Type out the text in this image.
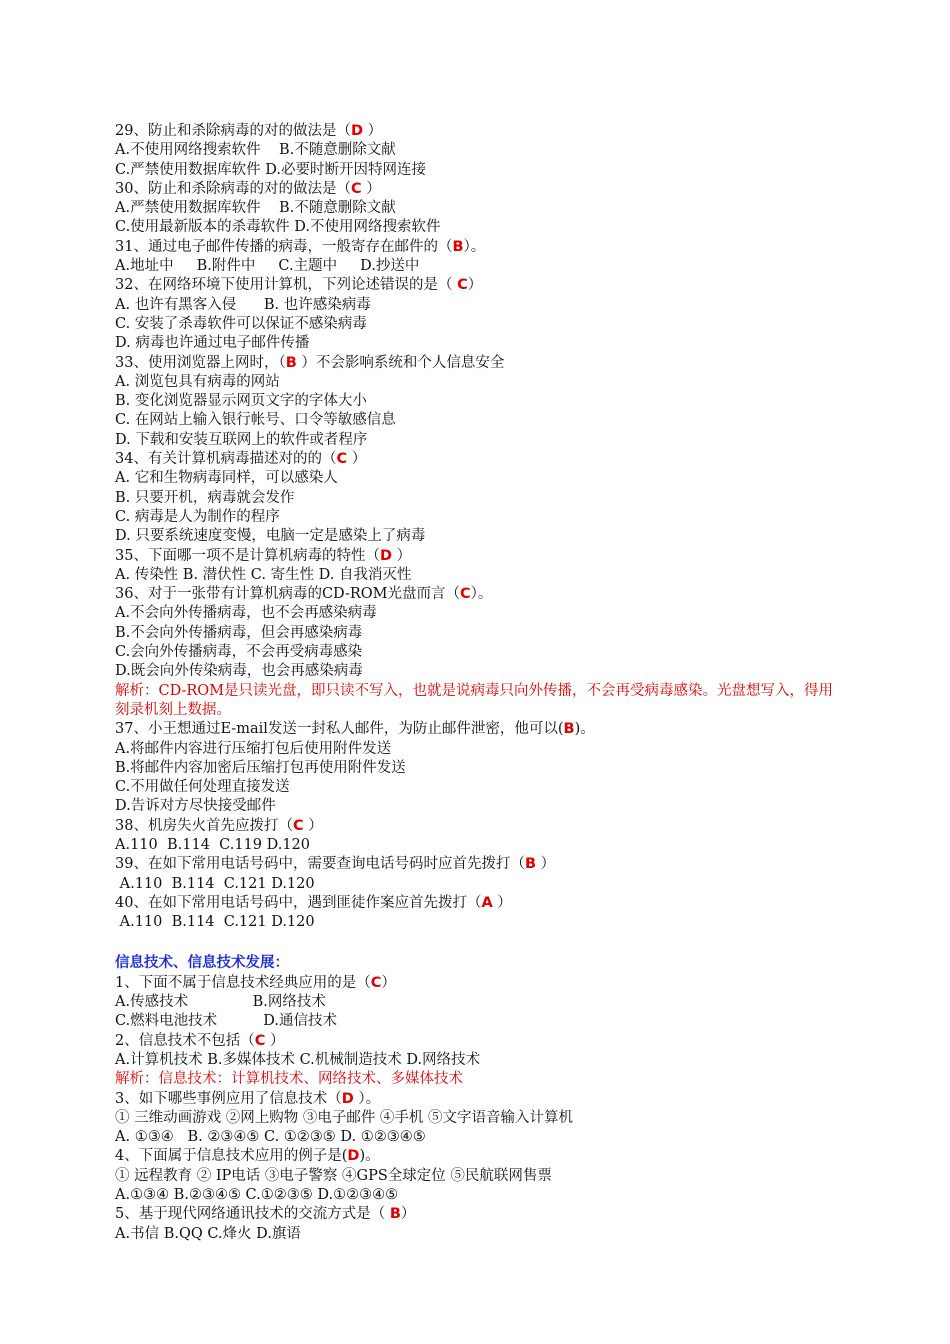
29、防止和杀除病毒的对的做法是（D ）
A.不使用网络搜索软件    B.不随意删除文献
C.严禁使用数据库软件 D.必要时断开因特网连接
30、防止和杀除病毒的对的做法是（C ）
A.严禁使用数据库软件    B.不随意删除文献
C.使用最新版本的杀毒软件 D.不使用网络搜索软件
31、通过电子邮件传播的病毒，一般寄存在邮件的（B）。
A.地址中     B.附件中     C.主题中     D.抄送中
32、在网络环境下使用计算机，下列论述错误的是（ C）
A. 也许有黑客入侵      B. 也许感染病毒
C. 安装了杀毒软件可以保证不感染病毒
D. 病毒也许通过电子邮件传播
33、使用浏览器上网时，（B ）不会影响系统和个人信息安全
A. 浏览包具有病毒的网站
B. 变化浏览器显示网页文字的字体大小
C. 在网站上输入银行帐号、口令等敏感信息
D. 下载和安装互联网上的软件或者程序
34、有关计算机病毒描述对的的（C ）
A. 它和生物病毒同样，可以感染人
B. 只要开机，病毒就会发作
C. 病毒是人为制作的程序
D. 只要系统速度变慢，电脑一定是感染上了病毒
35、下面哪一项不是计算机病毒的特性（D ）
A. 传染性 B. 潜伏性 C. 寄生性 D. 自我消灭性
36、对于一张带有计算机病毒的CD-ROM光盘而言（C）。
A.不会向外传播病毒，也不会再感染病毒
B.不会向外传播病毒，但会再感染病毒
C.会向外传播病毒，不会再受病毒感染
D.既会向外传染病毒，也会再感染病毒
解析：CD-ROM是只读光盘，即只读不写入，也就是说病毒只向外传播，不会再受病毒感染。光盘想写入，得用刻录机刻上数据。
37、小王想通过E-mail发送一封私人邮件，为防止邮件泄密，他可以(B)。
A.将邮件内容进行压缩打包后使用附件发送
B.将邮件内容加密后压缩打包再使用附件发送
C.不用做任何处理直接发送
D.告诉对方尽快接受邮件
38、机房失火首先应拨打（C ）
A.110  B.114  C.119 D.120
39、在如下常用电话号码中，需要查询电话号码时应首先拨打（B ）
A.110  B.114  C.121 D.120
40、在如下常用电话号码中，遇到匪徒作案应首先拨打（A ）
A.110  B.114  C.121 D.120
信息技术、信息技术发展：
1、下面不属于信息技术经典应用的是（C）
A.传感技术              B.网络技术
C.燃料电池技术          D.通信技术
2、信息技术不包括（C ）
A.计算机技术 B.多媒体技术 C.机械制造技术 D.网络技术
解析：信息技术：计算机技术、网络技术、多媒体技术
3、如下哪些事例应用了信息技术（D ）。
① 三维动画游戏 ②网上购物 ③电子邮件 ④手机 ⑤文字语音输入计算机
A. ①③④   B. ②③④⑤ C. ①②③⑤ D. ①②③④⑤
4、下面属于信息技术应用的例子是(D)。
① 远程教育 ② IP电话 ③电子警察 ④GPS全球定位 ⑤民航联网售票
A.①③④ B.②③④⑤ C.①②③⑤ D.①②③④⑤
5、基于现代网络通讯技术的交流方式是（ B）
A.书信 B.QQ C.烽火 D.旗语
